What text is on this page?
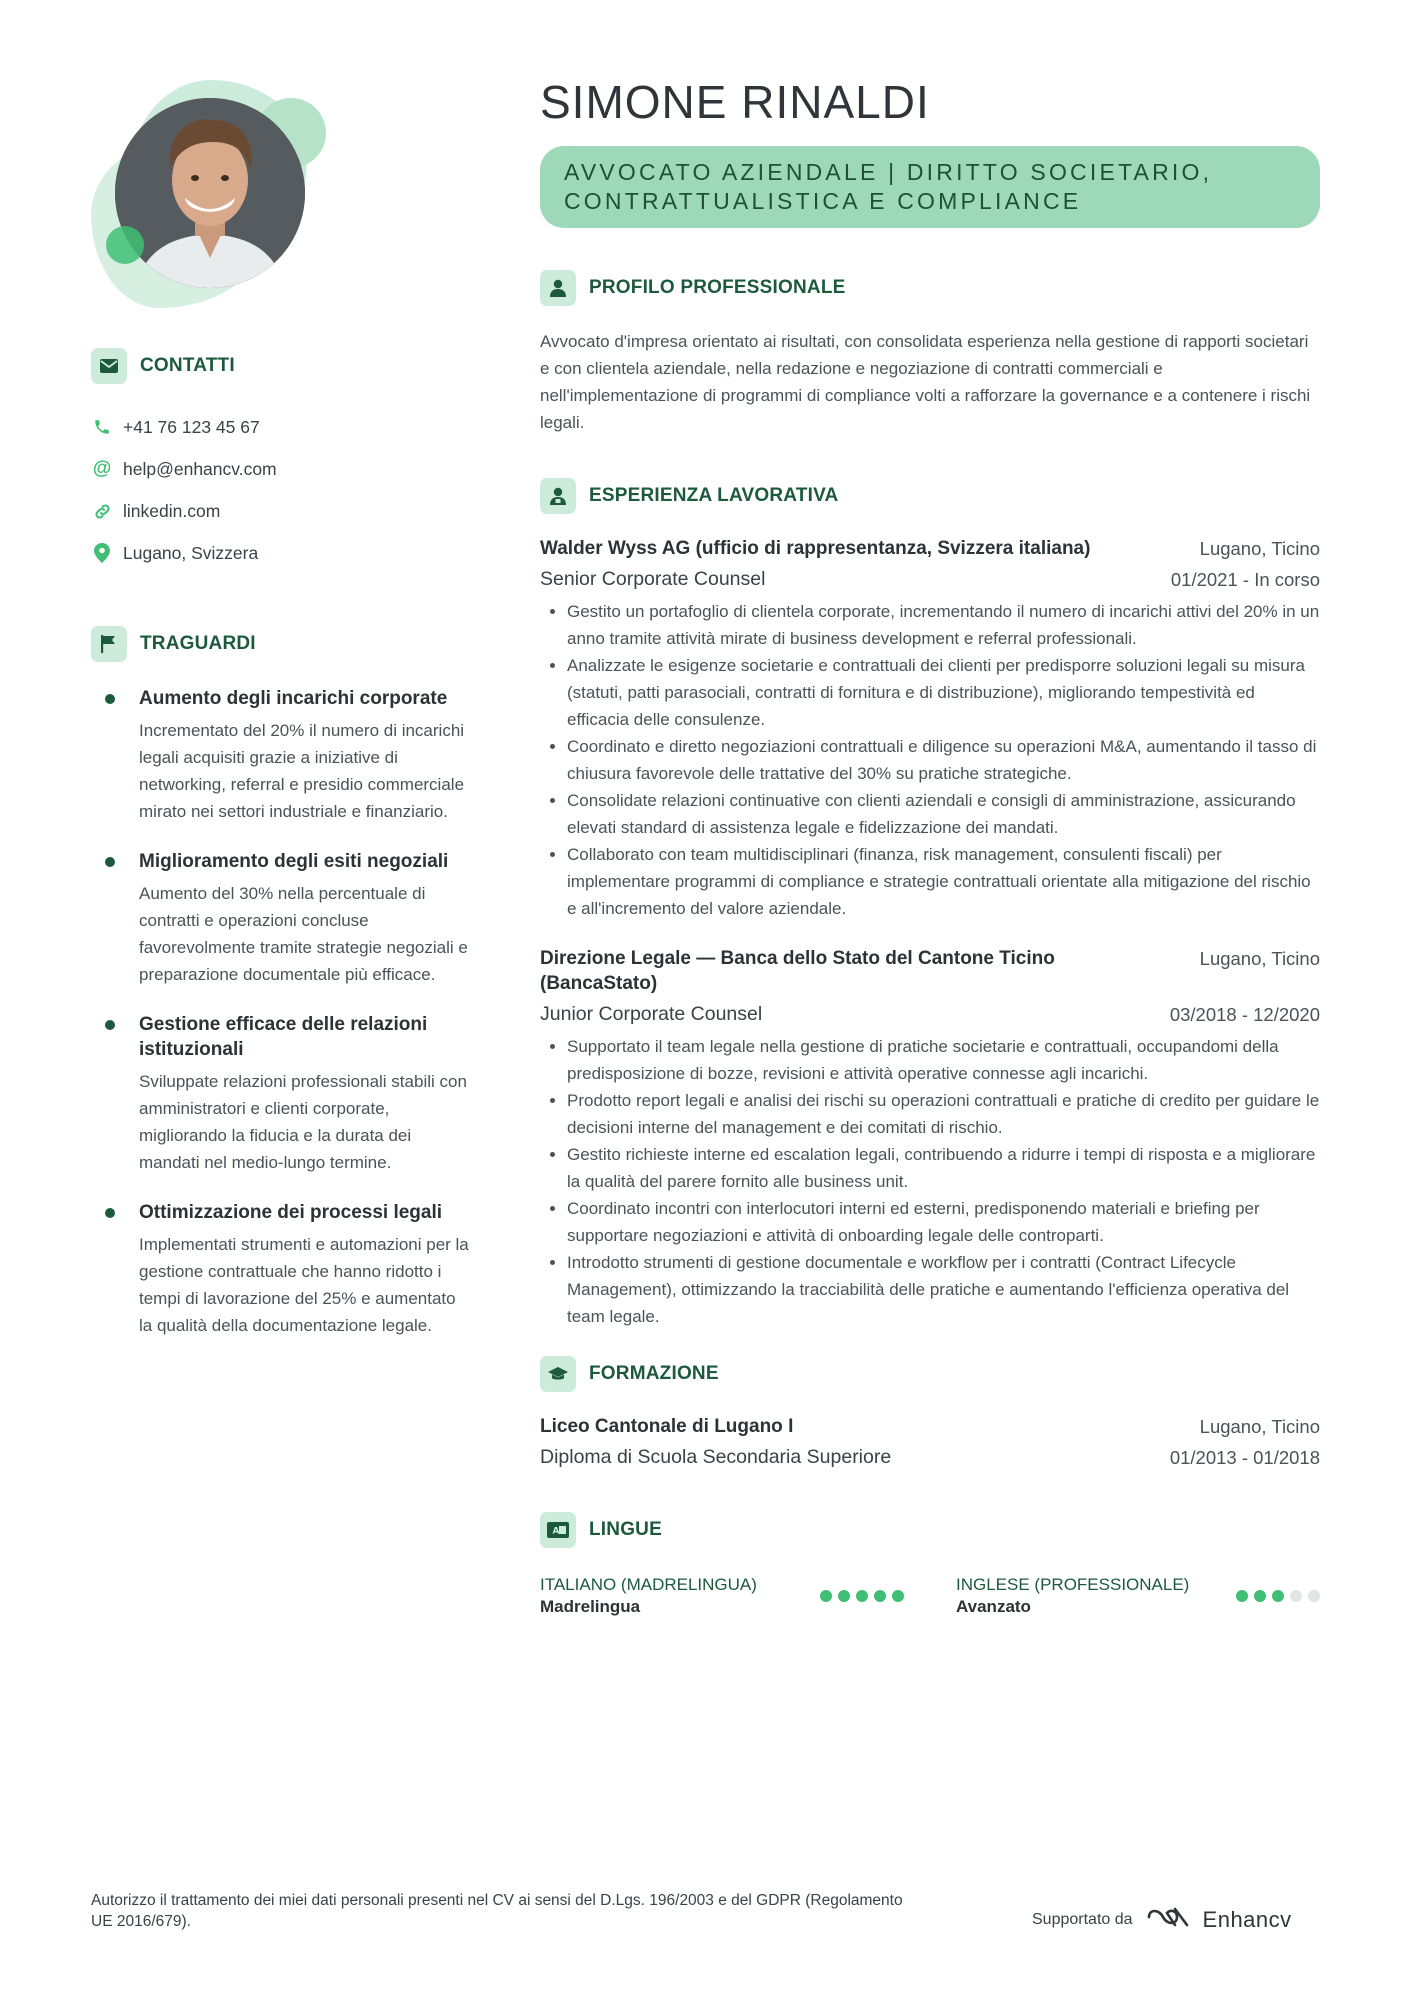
CONTATTI
+41 76 123 45 67
@ help@enhancv.com
linkedin.com
Lugano, Svizzera
TRAGUARDI
Aumento degli incarichi corporate

Incrementato del 20% il numero di incarichi legali acquisiti grazie a iniziative di networking, referral e presidio commerciale mirato nei settori industriale e finanziario.

Miglioramento degli esiti negoziali

Aumento del 30% nella percentuale di contratti e operazioni concluse favorevolmente tramite strategie negoziali e preparazione documentale più efficace.

Gestione efficace delle relazioni istituzionali

Sviluppate relazioni professionali stabili con amministratori e clienti corporate, migliorando la fiducia e la durata dei mandati nel medio-lungo termine.

Ottimizzazione dei processi legali

Implementati strumenti e automazioni per la gestione contrattuale che hanno ridotto i tempi di lavorazione del 25% e aumentato la qualità della documentazione legale.

SIMONE RINALDI

AVVOCATO AZIENDALE | DIRITTO SOCIETARIO, CONTRATTUALISTICA E COMPLIANCE

PROFILO PROFESSIONALE

Avvocato d'impresa orientato ai risultati, con consolidata esperienza nella gestione di rapporti societari e con clientela aziendale, nella redazione e negoziazione di contratti commerciali e nell'implementazione di programmi di compliance volti a rafforzare la governance e a contenere i rischi legali.

ESPERIENZA LAVORATIVA
Walder Wyss AG (ufficio di rappresentanza, Svizzera italiana)	Lugano, Ticino
Senior Corporate Counsel	01/2021 - In corso
• Gestito un portafoglio di clientela corporate, incrementando il numero di incarichi attivi del 20% in un anno tramite attività mirate di business development e referral professionali.
• Analizzate le esigenze societarie e contrattuali dei clienti per predisporre soluzioni legali su misura (statuti, patti parasociali, contratti di fornitura e di distribuzione), migliorando tempestività ed efficacia delle consulenze.
• Coordinato e diretto negoziazioni contrattuali e diligence su operazioni M&A, aumentando il tasso di chiusura favorevole delle trattative del 30% su pratiche strategiche.
• Consolidate relazioni continuative con clienti aziendali e consigli di amministrazione, assicurando elevati standard di assistenza legale e fidelizzazione dei mandati.
• Collaborato con team multidisciplinari (finanza, risk management, consulenti fiscali) per implementare programmi di compliance e strategie contrattuali orientate alla mitigazione del rischio e all'incremento del valore aziendale.
Direzione Legale — Banca dello Stato del Cantone Ticino (BancaStato)
Lugano, Ticino
Junior Corporate Counsel	03/2018 - 12/2020
• Supportato il team legale nella gestione di pratiche societarie e contrattuali, occupandomi della predisposizione di bozze, revisioni e attività operative connesse agli incarichi.
• Prodotto report legali e analisi dei rischi su operazioni contrattuali e pratiche di credito per guidare le decisioni interne del management e dei comitati di rischio.
• Gestito richieste interne ed escalation legali, contribuendo a ridurre i tempi di risposta e a migliorare la qualità del parere fornito alle business unit.
• Coordinato incontri con interlocutori interni ed esterni, predisponendo materiali e briefing per supportare negoziazioni e attività di onboarding legale delle controparti.
• Introdotto strumenti di gestione documentale e workflow per i contratti (Contract Lifecycle Management), ottimizzando la tracciabilità delle pratiche e aumentando l'efficienza operativa del team legale.
FORMAZIONE
Liceo Cantonale di Lugano I	Lugano, Ticino
Diploma di Scuola Secondaria Superiore	01/2013 - 01/2018
A LINGUE
ITALIANO (MADRELINGUA)
Madrelingua
INGLESE (PROFESSIONALE)
Avanzato
Autorizzo il trattamento dei miei dati personali presenti nel CV ai sensi del D.Lgs. 196/2003 e del GDPR (Regolamento UE 2016/679).	Supportato da	Enhancv
